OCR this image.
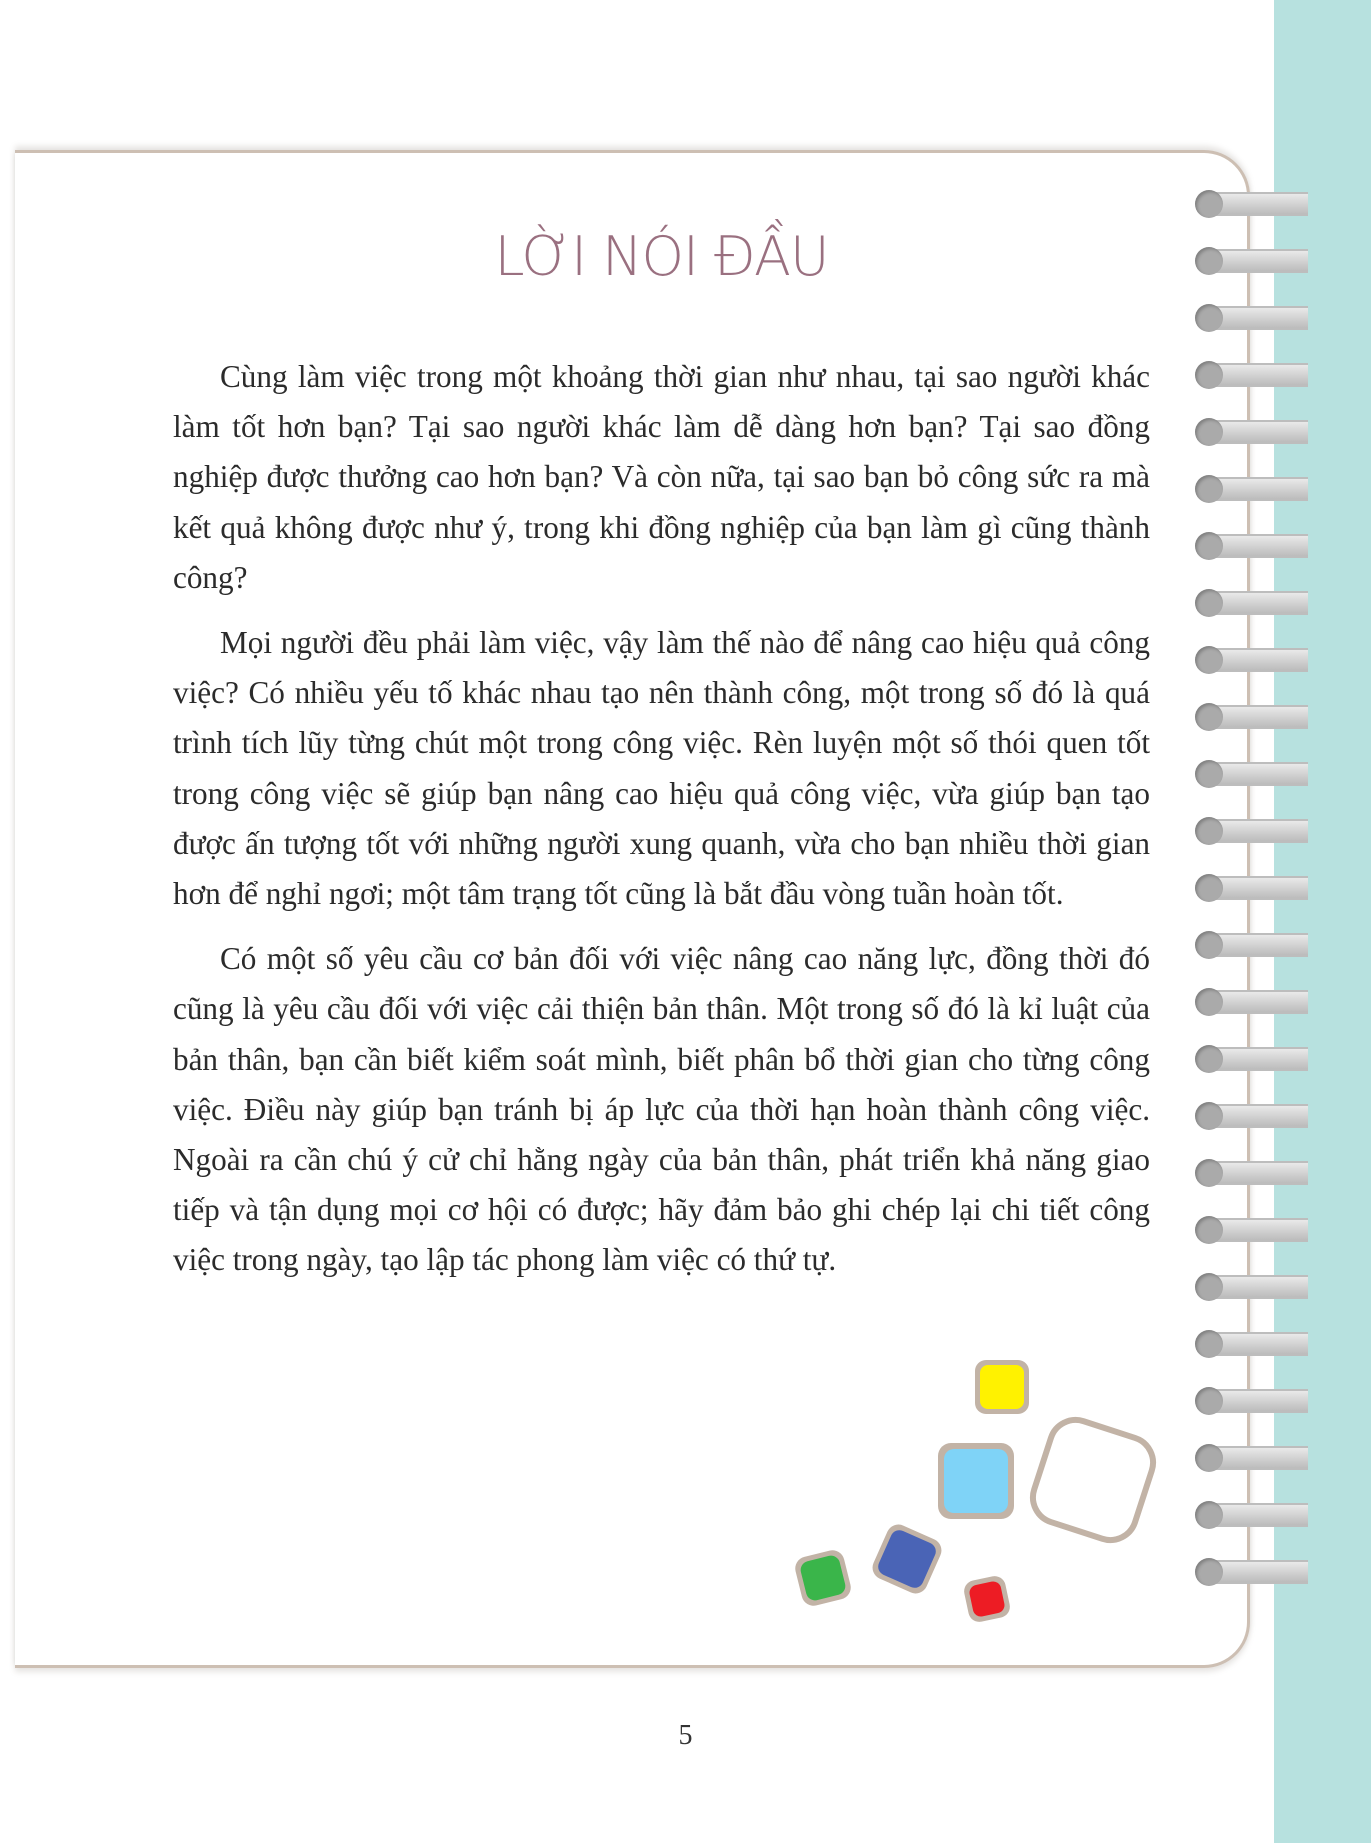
LỜI NÓI ĐẦU

Cùng làm việc trong một khoảng thời gian như nhau, tại sao người khác làm tốt hơn bạn? Tại sao người khác làm dễ dàng hơn bạn? Tại sao đồng nghiệp được thưởng cao hơn bạn? Và còn nữa, tại sao bạn bỏ công sức ra mà kết quả không được như ý, trong khi đồng nghiệp của bạn làm gì cũng thành công?

Mọi người đều phải làm việc, vậy làm thế nào để nâng cao hiệu quả công việc? Có nhiều yếu tố khác nhau tạo nên thành công, một trong số đó là quá trình tích lũy từng chút một trong công việc. Rèn luyện một số thói quen tốt trong công việc sẽ giúp bạn nâng cao hiệu quả công việc, vừa giúp bạn tạo được ấn tượng tốt với những người xung quanh, vừa cho bạn nhiều thời gian hơn để nghỉ ngơi; một tâm trạng tốt cũng là bắt đầu vòng tuần hoàn tốt.

Có một số yêu cầu cơ bản đối với việc nâng cao năng lực, đồng thời đó cũng là yêu cầu đối với việc cải thiện bản thân. Một trong số đó là kỉ luật của bản thân, bạn cần biết kiểm soát mình, biết phân bổ thời gian cho từng công việc. Điều này giúp bạn tránh bị áp lực của thời hạn hoàn thành công việc. Ngoài ra cần chú ý cử chỉ hằng ngày của bản thân, phát triển khả năng giao tiếp và tận dụng mọi cơ hội có được; hãy đảm bảo ghi chép lại chi tiết công việc trong ngày, tạo lập tác phong làm việc có thứ tự.

5
